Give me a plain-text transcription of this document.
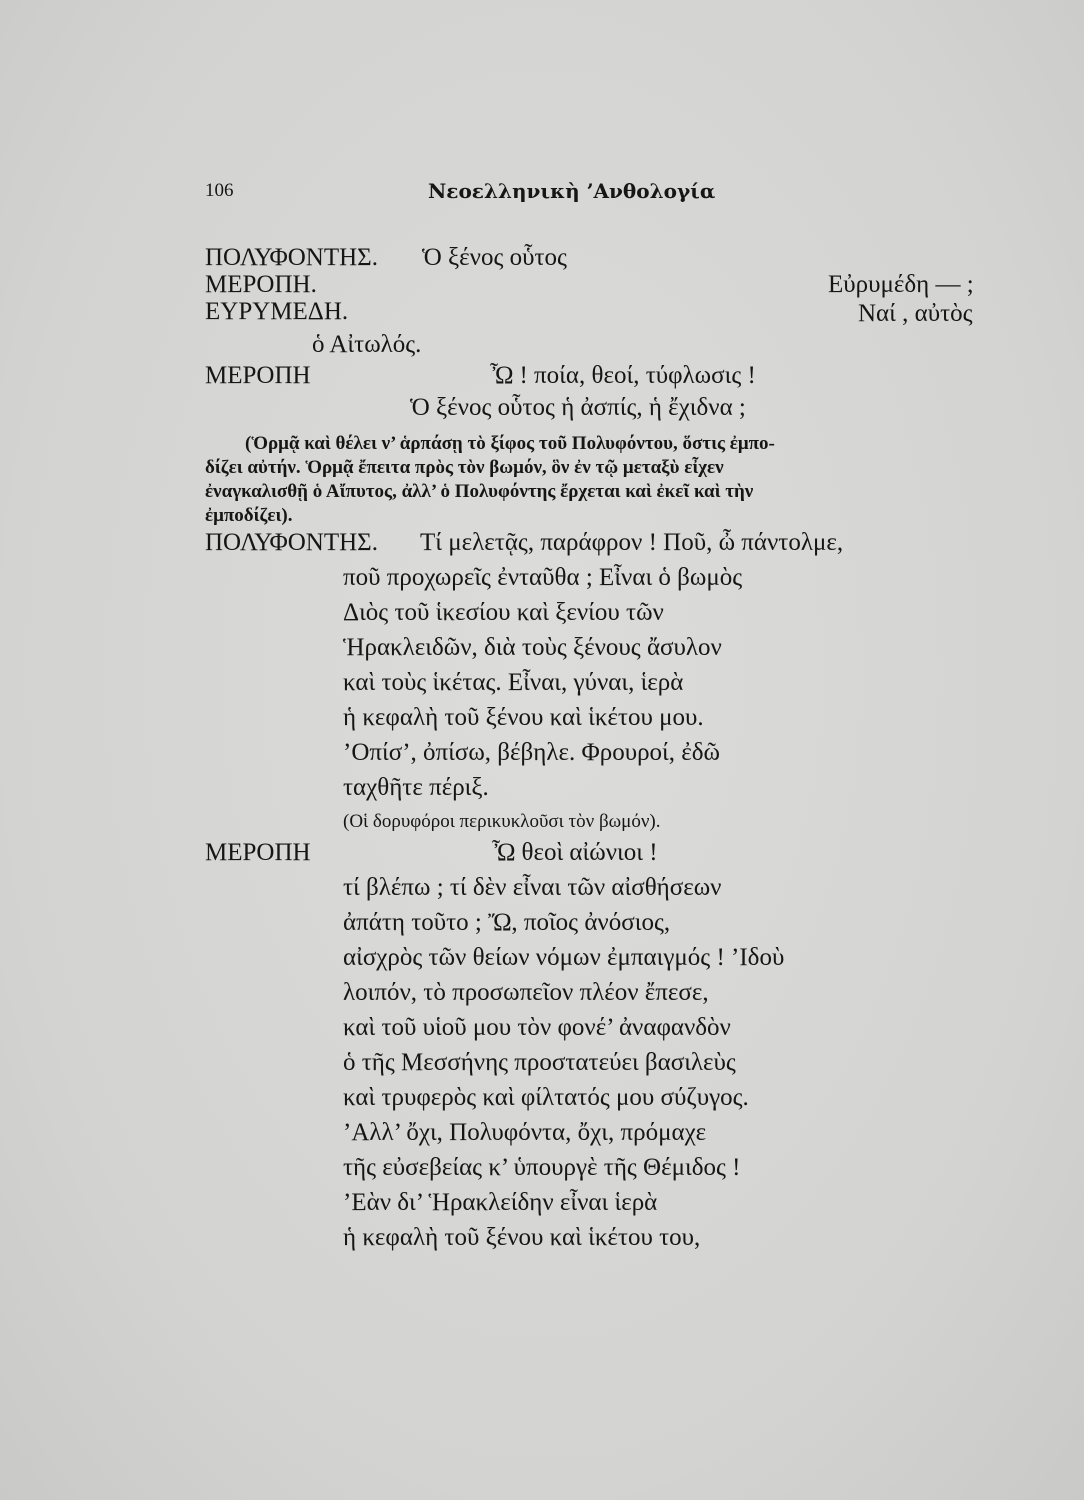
106	Νεοελληνικὴ ’Ανθολογία
ΠΟΛΥΦΟΝΤΗΣ. Ὁ ξένος οὗτος
ΜΕΡΟΠΗ.	Εὐρυμέδη — ;
ΕΥΡΥΜΕΔΗ.	Ναί , αὐτὸς
ὁ Αἰτωλός.
ΜΕΡΟΠΗ	Ὦ ! ποία, θεοί, τύφλωσις !
Ὁ ξένος οὗτος ἡ ἀσπίς, ἡ ἔχιδνα ;
(Ὁρμᾷ καὶ θέλει ν’ ἁρπάσῃ τὸ ξίφος τοῦ Πολυφόντου, ὅστις ἐμπο-
δίζει αὐτήν. Ὁρμᾷ ἔπειτα πρὸς τὸν βωμόν, ὃν ἐν τῷ μεταξὺ εἶχεν
ἐναγκαλισθῇ ὁ Αἴπυτος, ἀλλ’ ὁ Πολυφόντης ἔρχεται καὶ ἐκεῖ καὶ τὴν
ἐμποδίζει).
ΠΟΛΥΦΟΝΤΗΣ. Τί μελετᾷς, παράφρον ! Ποῦ, ὦ πάντολμε,
ποῦ προχωρεῖς ἐνταῦθα ; Εἶναι ὁ βωμὸς
Διὸς τοῦ ἱκεσίου καὶ ξενίου τῶν
Ἡρακλειδῶν, διὰ τοὺς ξένους ἄσυλον
καὶ τοὺς ἱκέτας. Εἶναι, γύναι, ἱερὰ
ἡ κεφαλὴ τοῦ ξένου καὶ ἱκέτου μου.
’Οπίσ’, ὀπίσω, βέβηλε. Φρουροί, ἐδῶ
ταχθῆτε πέριξ.
(Οἱ δορυφόροι περικυκλοῦσι τὸν βωμόν).
ΜΕΡΟΠΗ	Ὦ θεοὶ αἰώνιοι !
τί βλέπω ; τί δὲν εἶναι τῶν αἰσθήσεων
ἀπάτη τοῦτο ; Ὤ, ποῖος ἀνόσιος,
αἰσχρὸς τῶν θείων νόμων ἐμπαιγμός ! ’Ιδοὺ
λοιπόν, τὸ προσωπεῖον πλέον ἔπεσε,
καὶ τοῦ υἱοῦ μου τὸν φονέ’ ἀναφανδὸν
ὁ τῆς Μεσσήνης προστατεύει βασιλεὺς
καὶ τρυφερὸς καὶ φίλτατός μου σύζυγος.
’Αλλ’ ὄχι, Πολυφόντα, ὄχι, πρόμαχε
τῆς εὐσεβείας κ’ ὑπουργὲ τῆς Θέμιδος !
’Εὰν δι’ Ἡρακλείδην εἶναι ἱερὰ
ἡ κεφαλὴ τοῦ ξένου καὶ ἱκέτου του,
